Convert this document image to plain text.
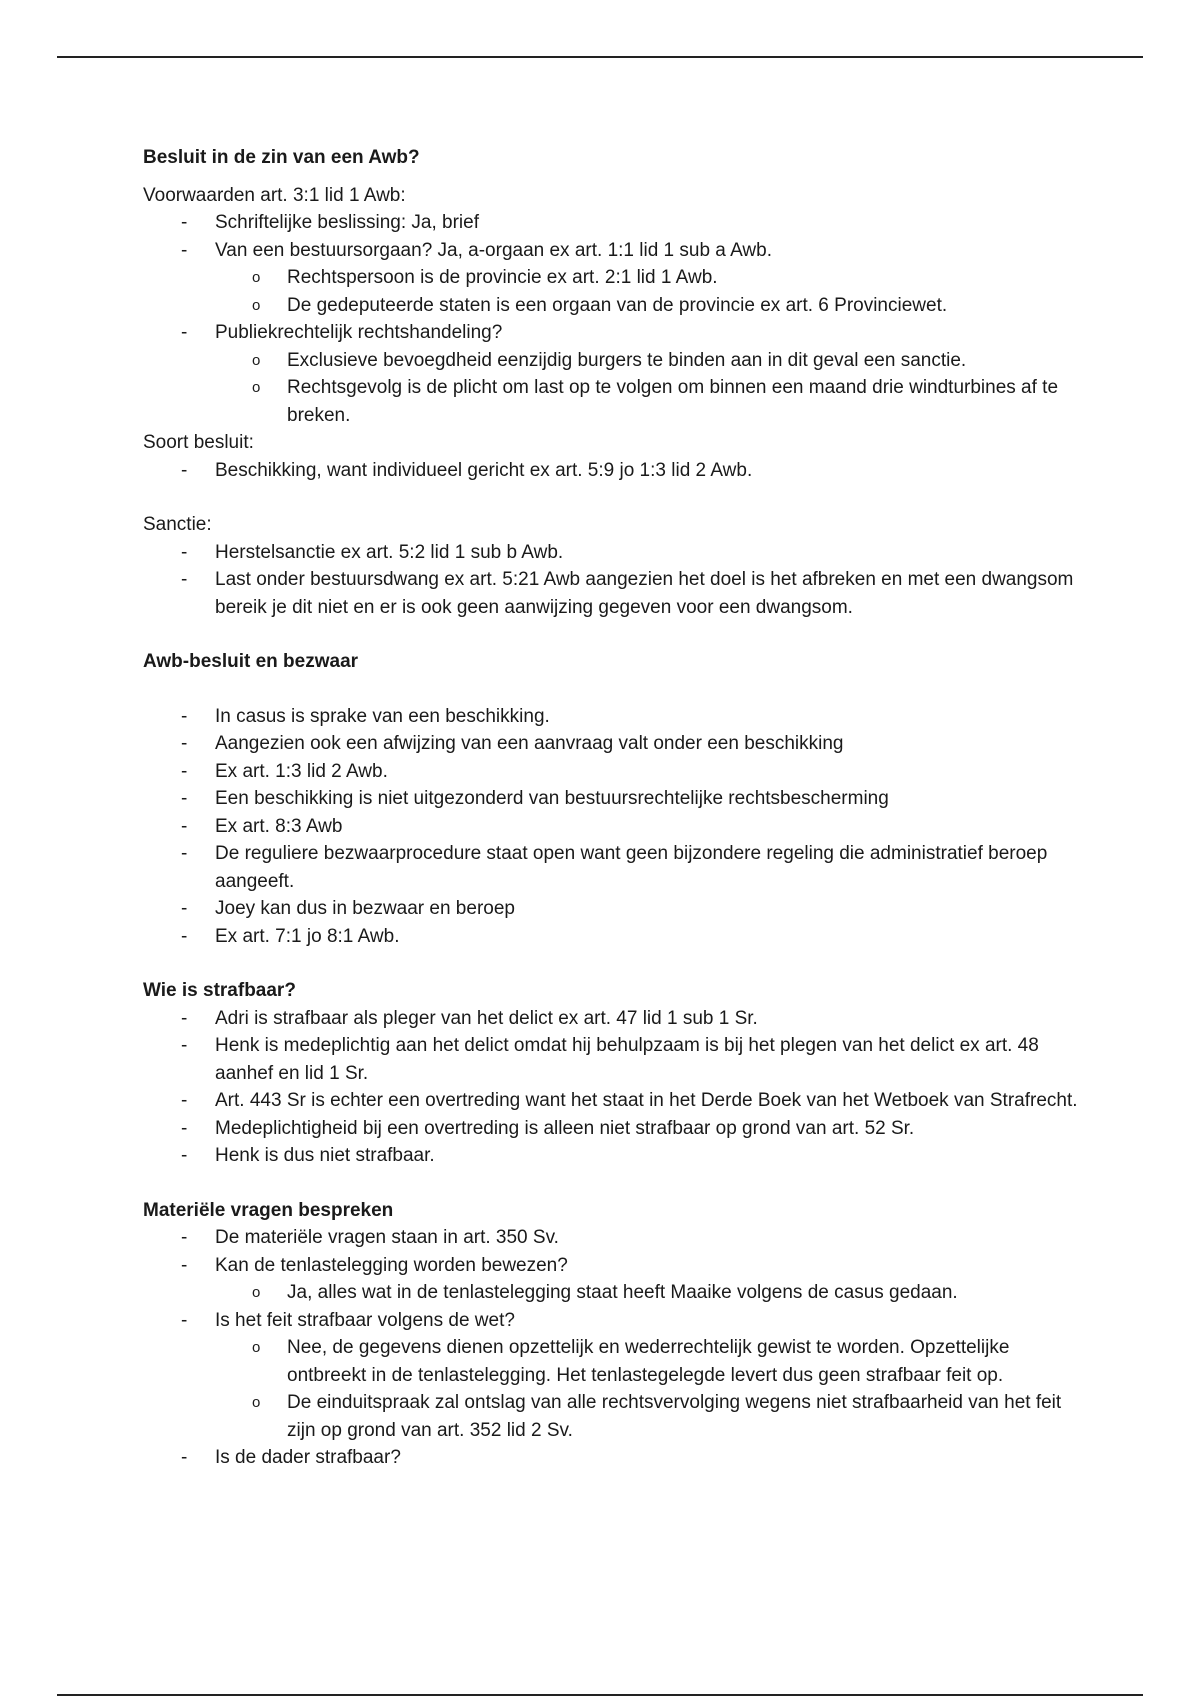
Besluit in de zin van een Awb?

Voorwaarden art. 3:1 lid 1 Awb:

- Schriftelijke beslissing: Ja, brief
- Van een bestuursorgaan? Ja, a-orgaan ex art. 1:1 lid 1 sub a Awb.
o Rechtspersoon is de provincie ex art. 2:1 lid 1 Awb.
o De gedeputeerde staten is een orgaan van de provincie ex art. 6 Provinciewet.
- Publiekrechtelijk rechtshandeling?
o Exclusieve bevoegdheid eenzijdig burgers te binden aan in dit geval een sanctie.
o Rechtsgevolg is de plicht om last op te volgen om binnen een maand drie windturbines af te breken.

Soort besluit:

- Beschikking, want individueel gericht ex art. 5:9 jo 1:3 lid 2 Awb.

Sanctie:

- Herstelsanctie ex art. 5:2 lid 1 sub b Awb.
- Last onder bestuursdwang ex art. 5:21 Awb aangezien het doel is het afbreken en met een dwangsom bereik je dit niet en er is ook geen aanwijzing gegeven voor een dwangsom.

Awb-besluit en bezwaar

- In casus is sprake van een beschikking.
- Aangezien ook een afwijzing van een aanvraag valt onder een beschikking
- Ex art. 1:3 lid 2 Awb.
- Een beschikking is niet uitgezonderd van bestuursrechtelijke rechtsbescherming
- Ex art. 8:3 Awb
- De reguliere bezwaarprocedure staat open want geen bijzondere regeling die administratief beroep aangeeft.
- Joey kan dus in bezwaar en beroep
- Ex art. 7:1 jo 8:1 Awb.

Wie is strafbaar?

- Adri is strafbaar als pleger van het delict ex art. 47 lid 1 sub 1 Sr.
- Henk is medeplichtig aan het delict omdat hij behulpzaam is bij het plegen van het delict ex art. 48 aanhef en lid 1 Sr.
- Art. 443 Sr is echter een overtreding want het staat in het Derde Boek van het Wetboek van Strafrecht.
- Medeplichtigheid bij een overtreding is alleen niet strafbaar op grond van art. 52 Sr.
- Henk is dus niet strafbaar.

Materiële vragen bespreken

- De materiële vragen staan in art. 350 Sv.
- Kan de tenlastelegging worden bewezen?
o Ja, alles wat in de tenlastelegging staat heeft Maaike volgens de casus gedaan.
- Is het feit strafbaar volgens de wet?
o Nee, de gegevens dienen opzettelijk en wederrechtelijk gewist te worden. Opzettelijke ontbreekt in de tenlastelegging. Het tenlastegelegde levert dus geen strafbaar feit op.
o De einduitspraak zal ontslag van alle rechtsvervolging wegens niet strafbaarheid van het feit zijn op grond van art. 352 lid 2 Sv.
- Is de dader strafbaar?
